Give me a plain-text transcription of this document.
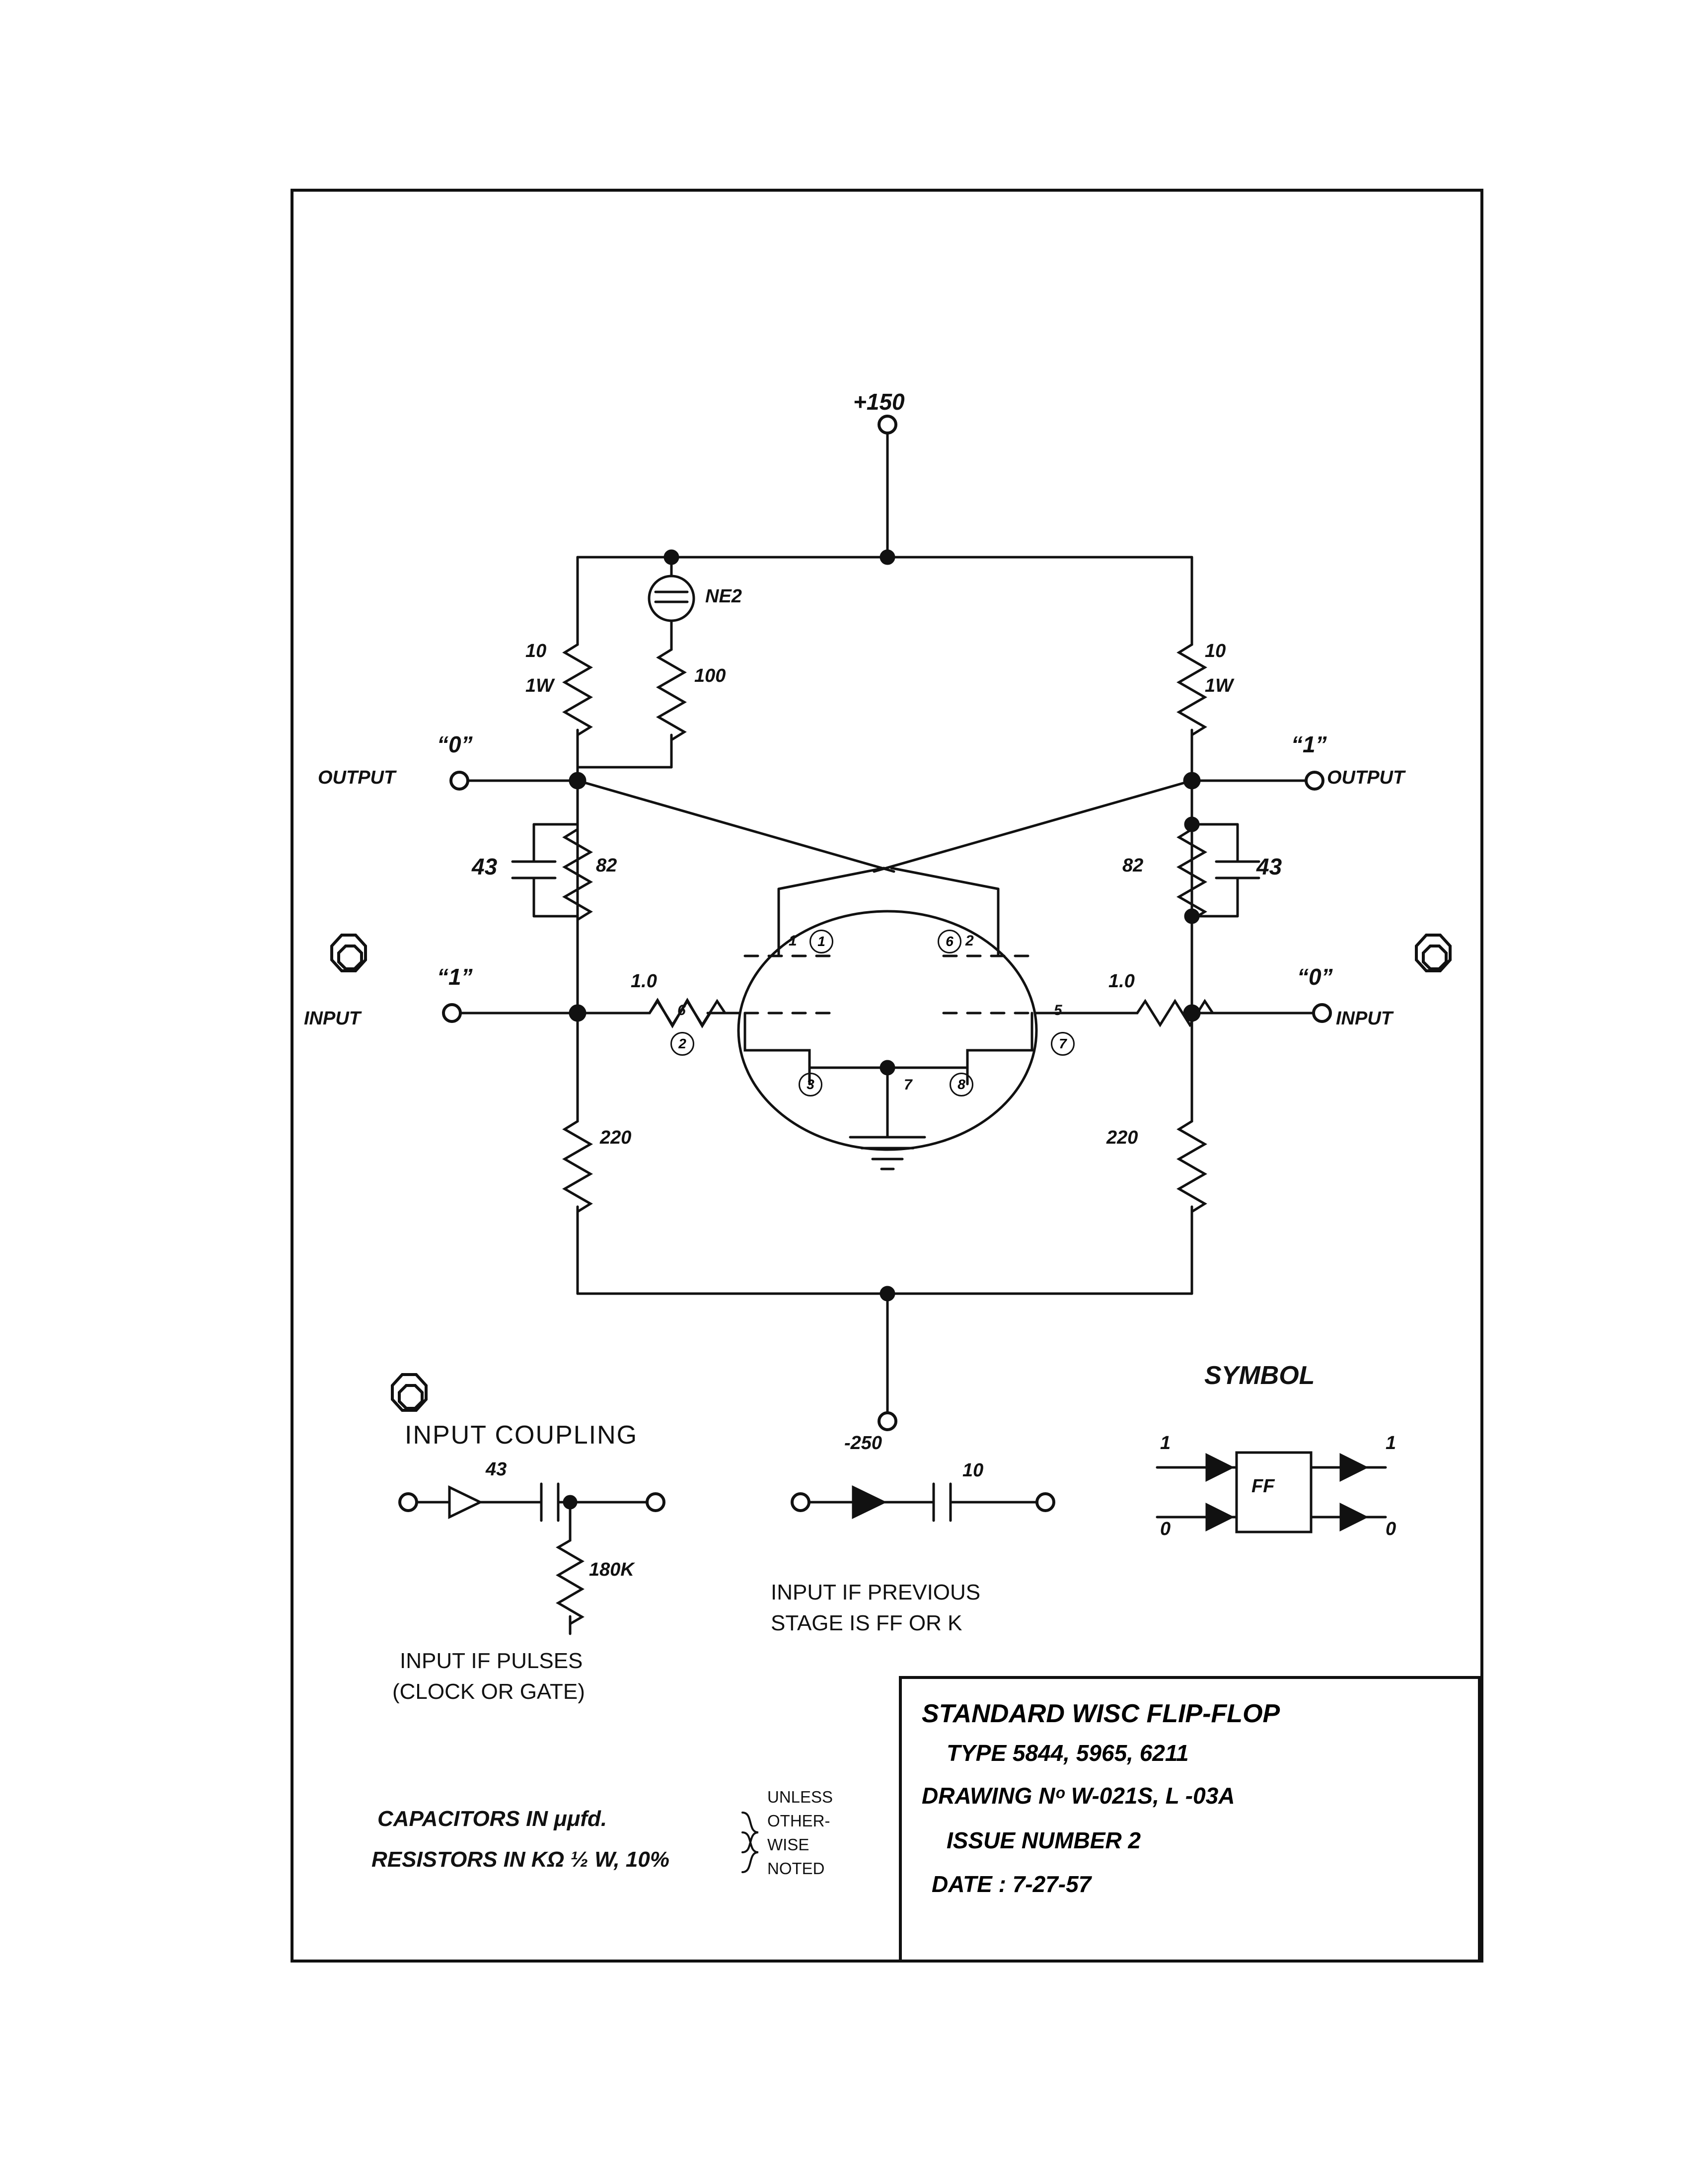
+150
NE2
100
10
1W
10
1W
“0”
OUTPUT
“1”
OUTPUT
43	82	82	43
“1”
INPUT
“0”
INPUT
1.0	1.0
220	220
1	1	6 2
6
2
5
7
3	7	8
-250
INPUT COUPLING
43
180K
INPUT IF PULSES
(CLOCK OR GATE)
10
INPUT IF PREVIOUS
STAGE IS FF OR K
SYMBOL
1
0
FF
1
0
CAPACITORS IN μμfd.
RESISTORS IN KΩ ½ W, 10%
UNLESS
OTHER-
WISE
NOTED
STANDARD WISC FLIP-FLOP
TYPE 5844, 5965, 6211
DRAWING Nᵒ W-021S, L -03A
ISSUE NUMBER 2
DATE : 7-27-57
